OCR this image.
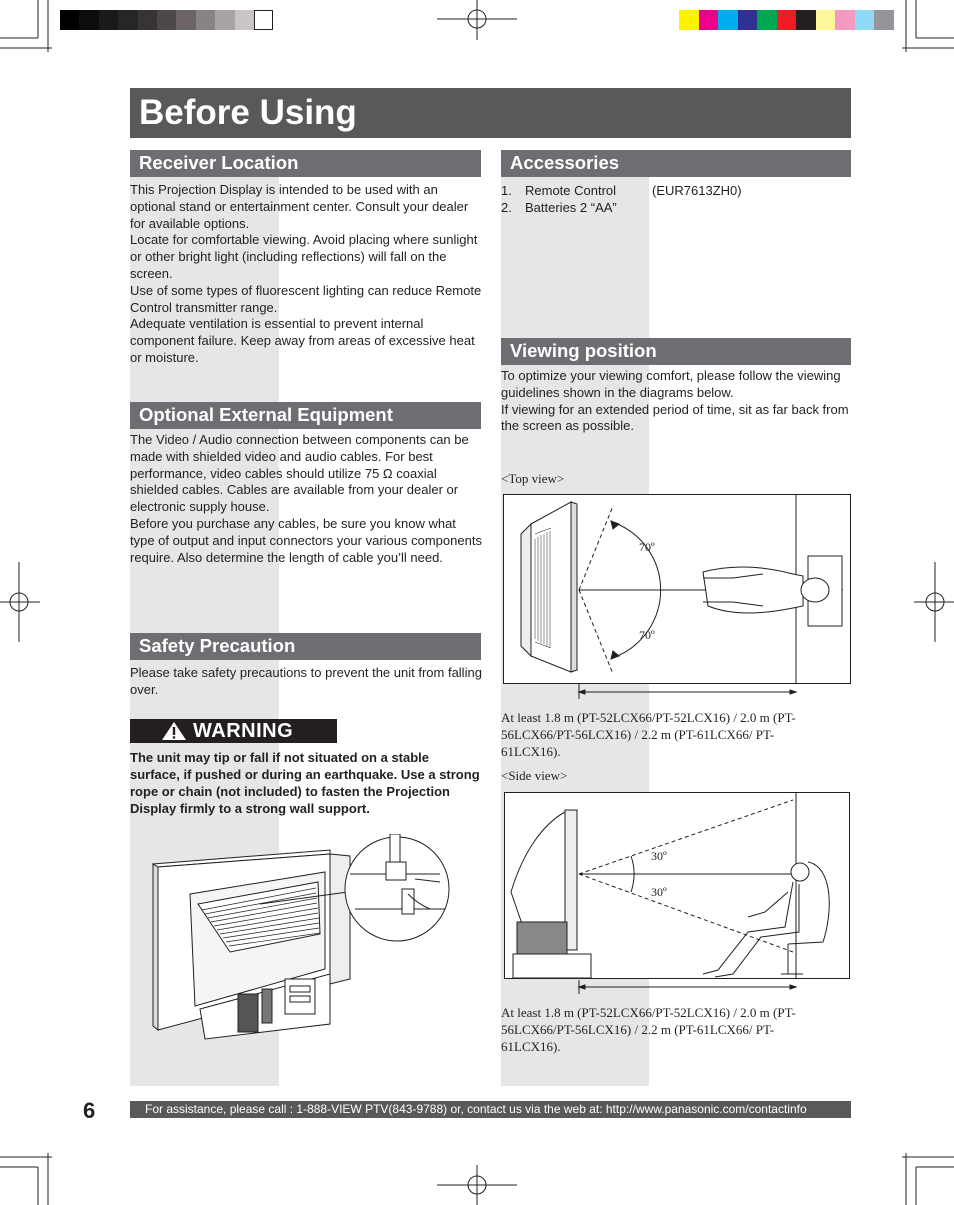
Before Using
Receiver Location

This Projection Display is intended to be used with an optional stand or entertainment center. Consult your dealer for available options.

Locate for comfortable viewing. Avoid placing where sunlight or other bright light (including reflections) will fall on the screen.

Use of some types of fluorescent lighting can reduce Remote Control transmitter range.

Adequate ventilation is essential to prevent internal component failure. Keep away from areas of excessive heat or moisture.

Optional External Equipment

The Video / Audio connection between components can be made with shielded video and audio cables. For best performance, video cables should utilize 75 Ω coaxial shielded cables. Cables are available from your dealer or electronic supply house.

Before you purchase any cables, be sure you know what type of output and input connectors your various components require. Also determine the length of cable you’ll need.

Safety Precaution

Please take safety precautions to prevent the unit from falling over.

WARNING
The unit may tip or fall if not situated on a stable surface, if pushed or during an earthquake. Use a strong rope or chain (not included) to fasten the Projection Display firmly to a strong wall support.
Accessories
1. Remote Control	(EUR7613ZH0)
2. Batteries 2 “AA”
Viewing position

To optimize your viewing comfort, please follow the viewing guidelines shown in the diagrams below.

If viewing for an extended period of time, sit as far back from the screen as possible.

<Top view>
70º
70º
At least 1.8 m (PT-52LCX66/PT-52LCX16) / 2.0 m (PT-56LCX66/PT-56LCX16) / 2.2 m (PT-61LCX66/ PT-61LCX16).
<Side view>
30º
30º
At least 1.8 m (PT-52LCX66/PT-52LCX16) / 2.0 m (PT-56LCX66/PT-56LCX16) / 2.2 m (PT-61LCX66/ PT-61LCX16).
6	For assistance, please call : 1-888-VIEW PTV(843-9788) or, contact us via the web at: http://www.panasonic.com/contactinfo
